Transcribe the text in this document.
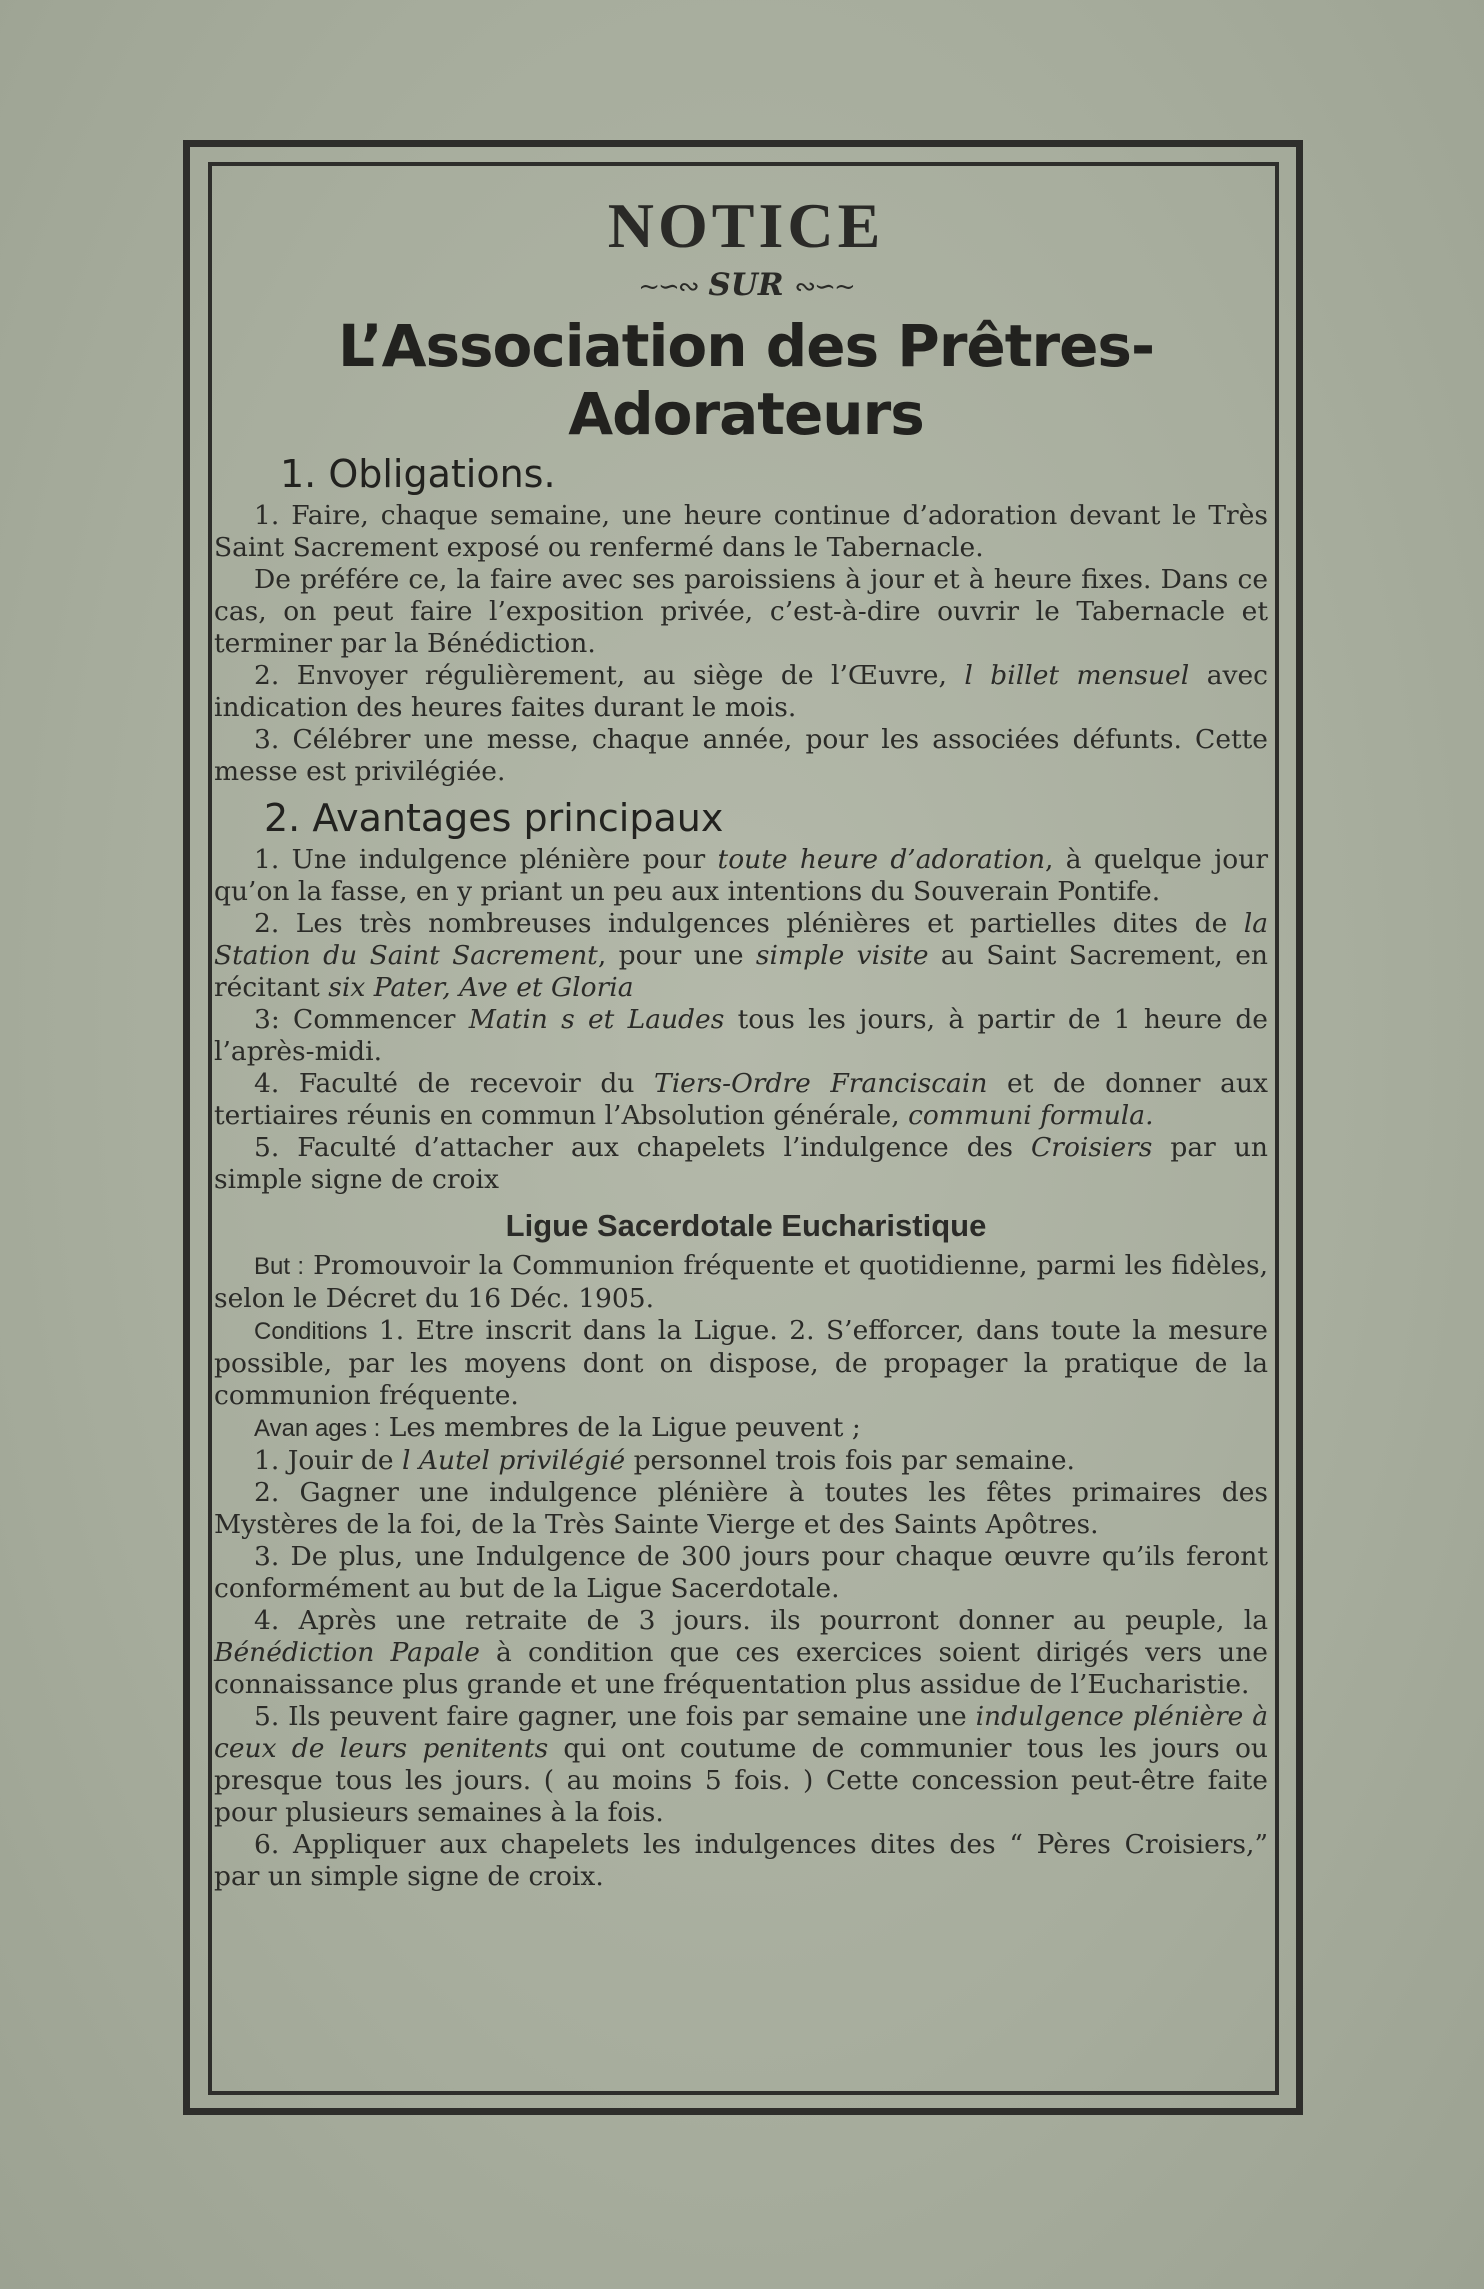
NOTICE
~∽∾ SUR ∾∽~
L’Association des Prêtres-Adorateurs
1. Obligations.

1. Faire, chaque semaine, une heure continue d’adoration devant le Très Saint Sacrement exposé ou renfermé dans le Tabernacle.

De préfére ce, la faire avec ses paroissiens à jour et à heure fixes. Dans ce cas, on peut faire l’exposition privée, c’est-à-dire ouvrir le Tabernacle et terminer par la Bénédiction.

2. Envoyer régulièrement, au siège de l’Œuvre, l billet mensuel avec indication des heures faites durant le mois.

3. Célébrer une messe, chaque année, pour les associées défunts. Cette messe est privilégiée.

2. Avantages principaux

1. Une indulgence plénière pour toute heure d’adoration, à quelque jour qu’on la fasse, en y priant un peu aux intentions du Souverain Pontife.

2. Les très nombreuses indulgences plénières et partielles dites de la Station du Saint Sacrement, pour une simple visite au Saint Sacrement, en récitant six Pater, Ave et Gloria

3: Commencer Matin s et Laudes tous les jours, à partir de 1 heure de l’après-midi.

4. Faculté de recevoir du Tiers-Ordre Franciscain et de donner aux tertiaires réunis en commun l’Absolution générale, communi formula.

5. Faculté d’attacher aux chapelets l’indulgence des Croisiers par un simple signe de croix

Ligue Sacerdotale Eucharistique

But : Promouvoir la Communion fréquente et quotidienne, parmi les fidèles, selon le Décret du 16 Déc. 1905.

Conditions 1. Etre inscrit dans la Ligue. 2. S’efforcer, dans toute la mesure possible, par les moyens dont on dispose, de propager la pratique de la communion fréquente.

Avan ages : Les membres de la Ligue peuvent ;

1. Jouir de l Autel privilégié personnel trois fois par semaine.

2. Gagner une indulgence plénière à toutes les fêtes primaires des Mystères de la foi, de la Très Sainte Vierge et des Saints Apôtres.

3. De plus, une Indulgence de 300 jours pour chaque œuvre qu’ils feront conformément au but de la Ligue Sacerdotale.

4. Après une retraite de 3 jours. ils pourront donner au peuple, la Bénédiction Papale à condition que ces exercices soient dirigés vers une connaissance plus grande et une fréquentation plus assidue de l’Eucharistie.

5. Ils peuvent faire gagner, une fois par semaine une indulgence plénière à ceux de leurs penitents qui ont coutume de communier tous les jours ou presque tous les jours. ( au moins 5 fois. ) Cette concession peut-être faite pour plusieurs semaines à la fois.

6. Appliquer aux chapelets les indulgences dites des “ Pères Croisiers,” par un simple signe de croix.
